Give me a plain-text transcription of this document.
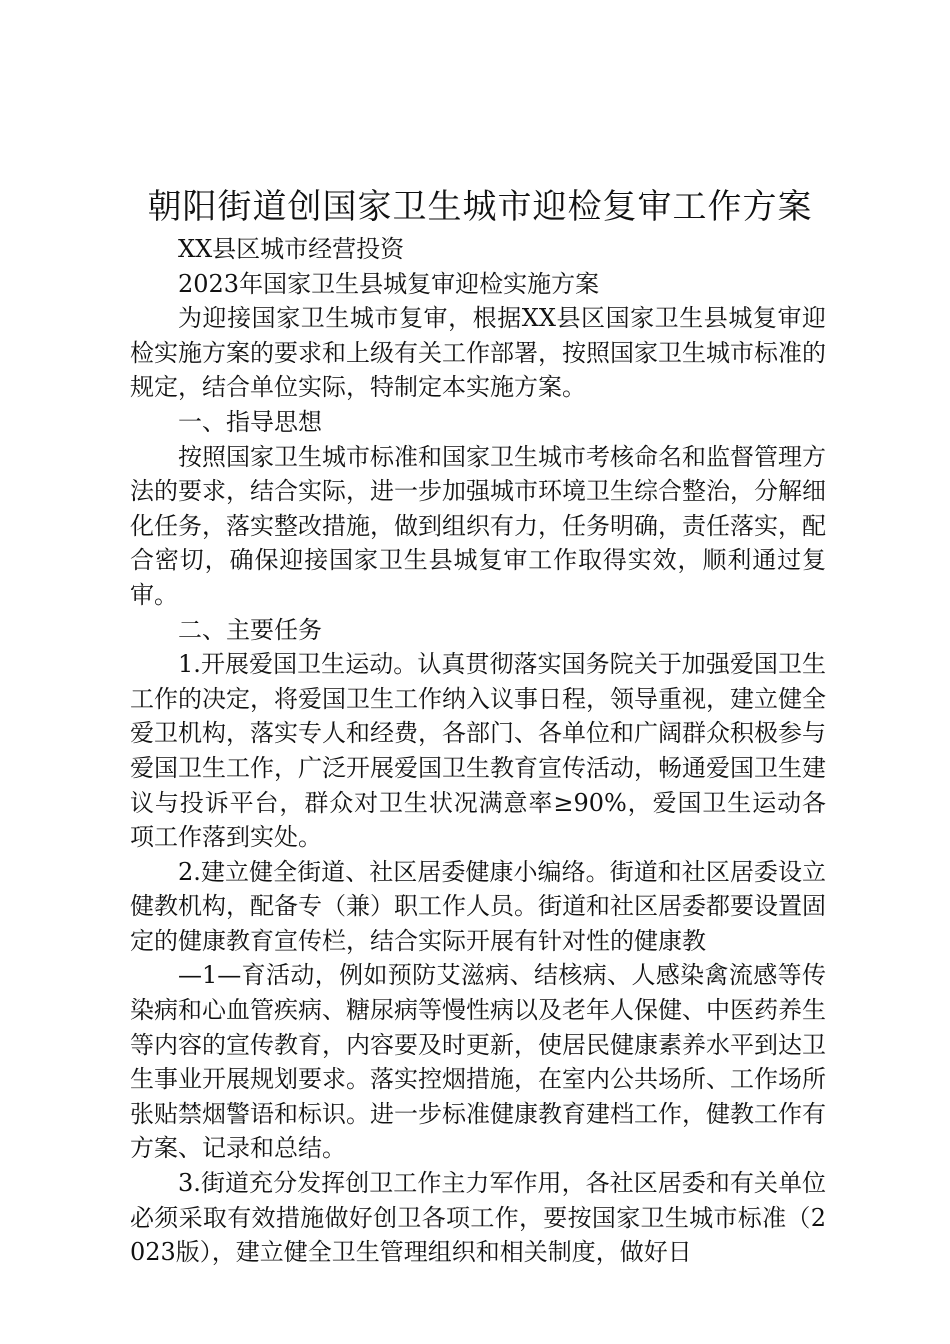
朝阳街道创国家卫生城市迎检复审工作方案

XX县区城市经营投资

2023年国家卫生县城复审迎检实施方案

为迎接国家卫生城市复审，根据XX县区国家卫生县城复审迎检实施方案的要求和上级有关工作部署，按照国家卫生城市标准的规定，结合单位实际，特制定本实施方案。

一、指导思想

按照国家卫生城市标准和国家卫生城市考核命名和监督管理方法的要求，结合实际，进一步加强城市环境卫生综合整治，分解细化任务，落实整改措施，做到组织有力，任务明确，责任落实，配合密切，确保迎接国家卫生县城复审工作取得实效，顺利通过复审。

二、主要任务

1.开展爱国卫生运动。认真贯彻落实国务院关于加强爱国卫生工作的决定，将爱国卫生工作纳入议事日程，领导重视，建立健全爱卫机构，落实专人和经费，各部门、各单位和广阔群众积极参与爱国卫生工作，广泛开展爱国卫生教育宣传活动，畅通爱国卫生建议与投诉平台，群众对卫生状况满意率≥90%，爱国卫生运动各项工作落到实处。

2.建立健全街道、社区居委健康小编络。街道和社区居委设立健教机构，配备专（兼）职工作人员。街道和社区居委都要设置固定的健康教育宣传栏，结合实际开展有针对性的健康教

—1—育活动，例如预防艾滋病、结核病、人感染禽流感等传染病和心血管疾病、糖尿病等慢性病以及老年人保健、中医药养生等内容的宣传教育，内容要及时更新，使居民健康素养水平到达卫生事业开展规划要求。落实控烟措施，在室内公共场所、工作场所张贴禁烟警语和标识。进一步标准健康教育建档工作，健教工作有方案、记录和总结。

3.街道充分发挥创卫工作主力军作用，各社区居委和有关单位必须采取有效措施做好创卫各项工作，要按国家卫生城市标准（2023版），建立健全卫生管理组织和相关制度，做好日
